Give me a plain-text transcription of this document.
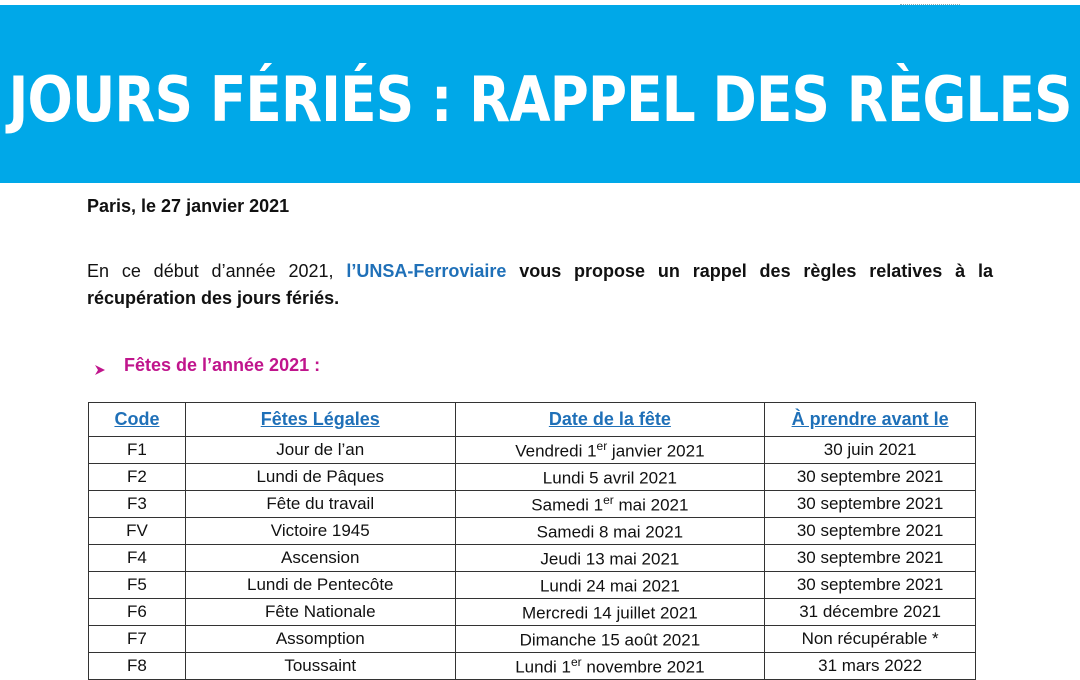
JOURS FÉRIÉS : RAPPEL DES RÈGLES
Paris, le 27 janvier 2021
En ce début d’année 2021, l’UNSA-Ferroviaire vous propose un rappel des règles relatives à la récupération des jours fériés.
Fêtes de l’année 2021 :
Code	Fêtes Légales	Date de la fête	À prendre avant le
F1	Jour de l’an	Vendredi 1er janvier 2021	30 juin 2021
F2	Lundi de Pâques	Lundi 5 avril 2021	30 septembre 2021
F3	Fête du travail	Samedi 1er mai 2021	30 septembre 2021
FV	Victoire 1945	Samedi 8 mai 2021	30 septembre 2021
F4	Ascension	Jeudi 13 mai 2021	30 septembre 2021
F5	Lundi de Pentecôte	Lundi 24 mai 2021	30 septembre 2021
F6	Fête Nationale	Mercredi 14 juillet 2021	31 décembre 2021
F7	Assomption	Dimanche 15 août 2021	Non récupérable *
F8	Toussaint	Lundi 1er novembre 2021	31 mars 2022
